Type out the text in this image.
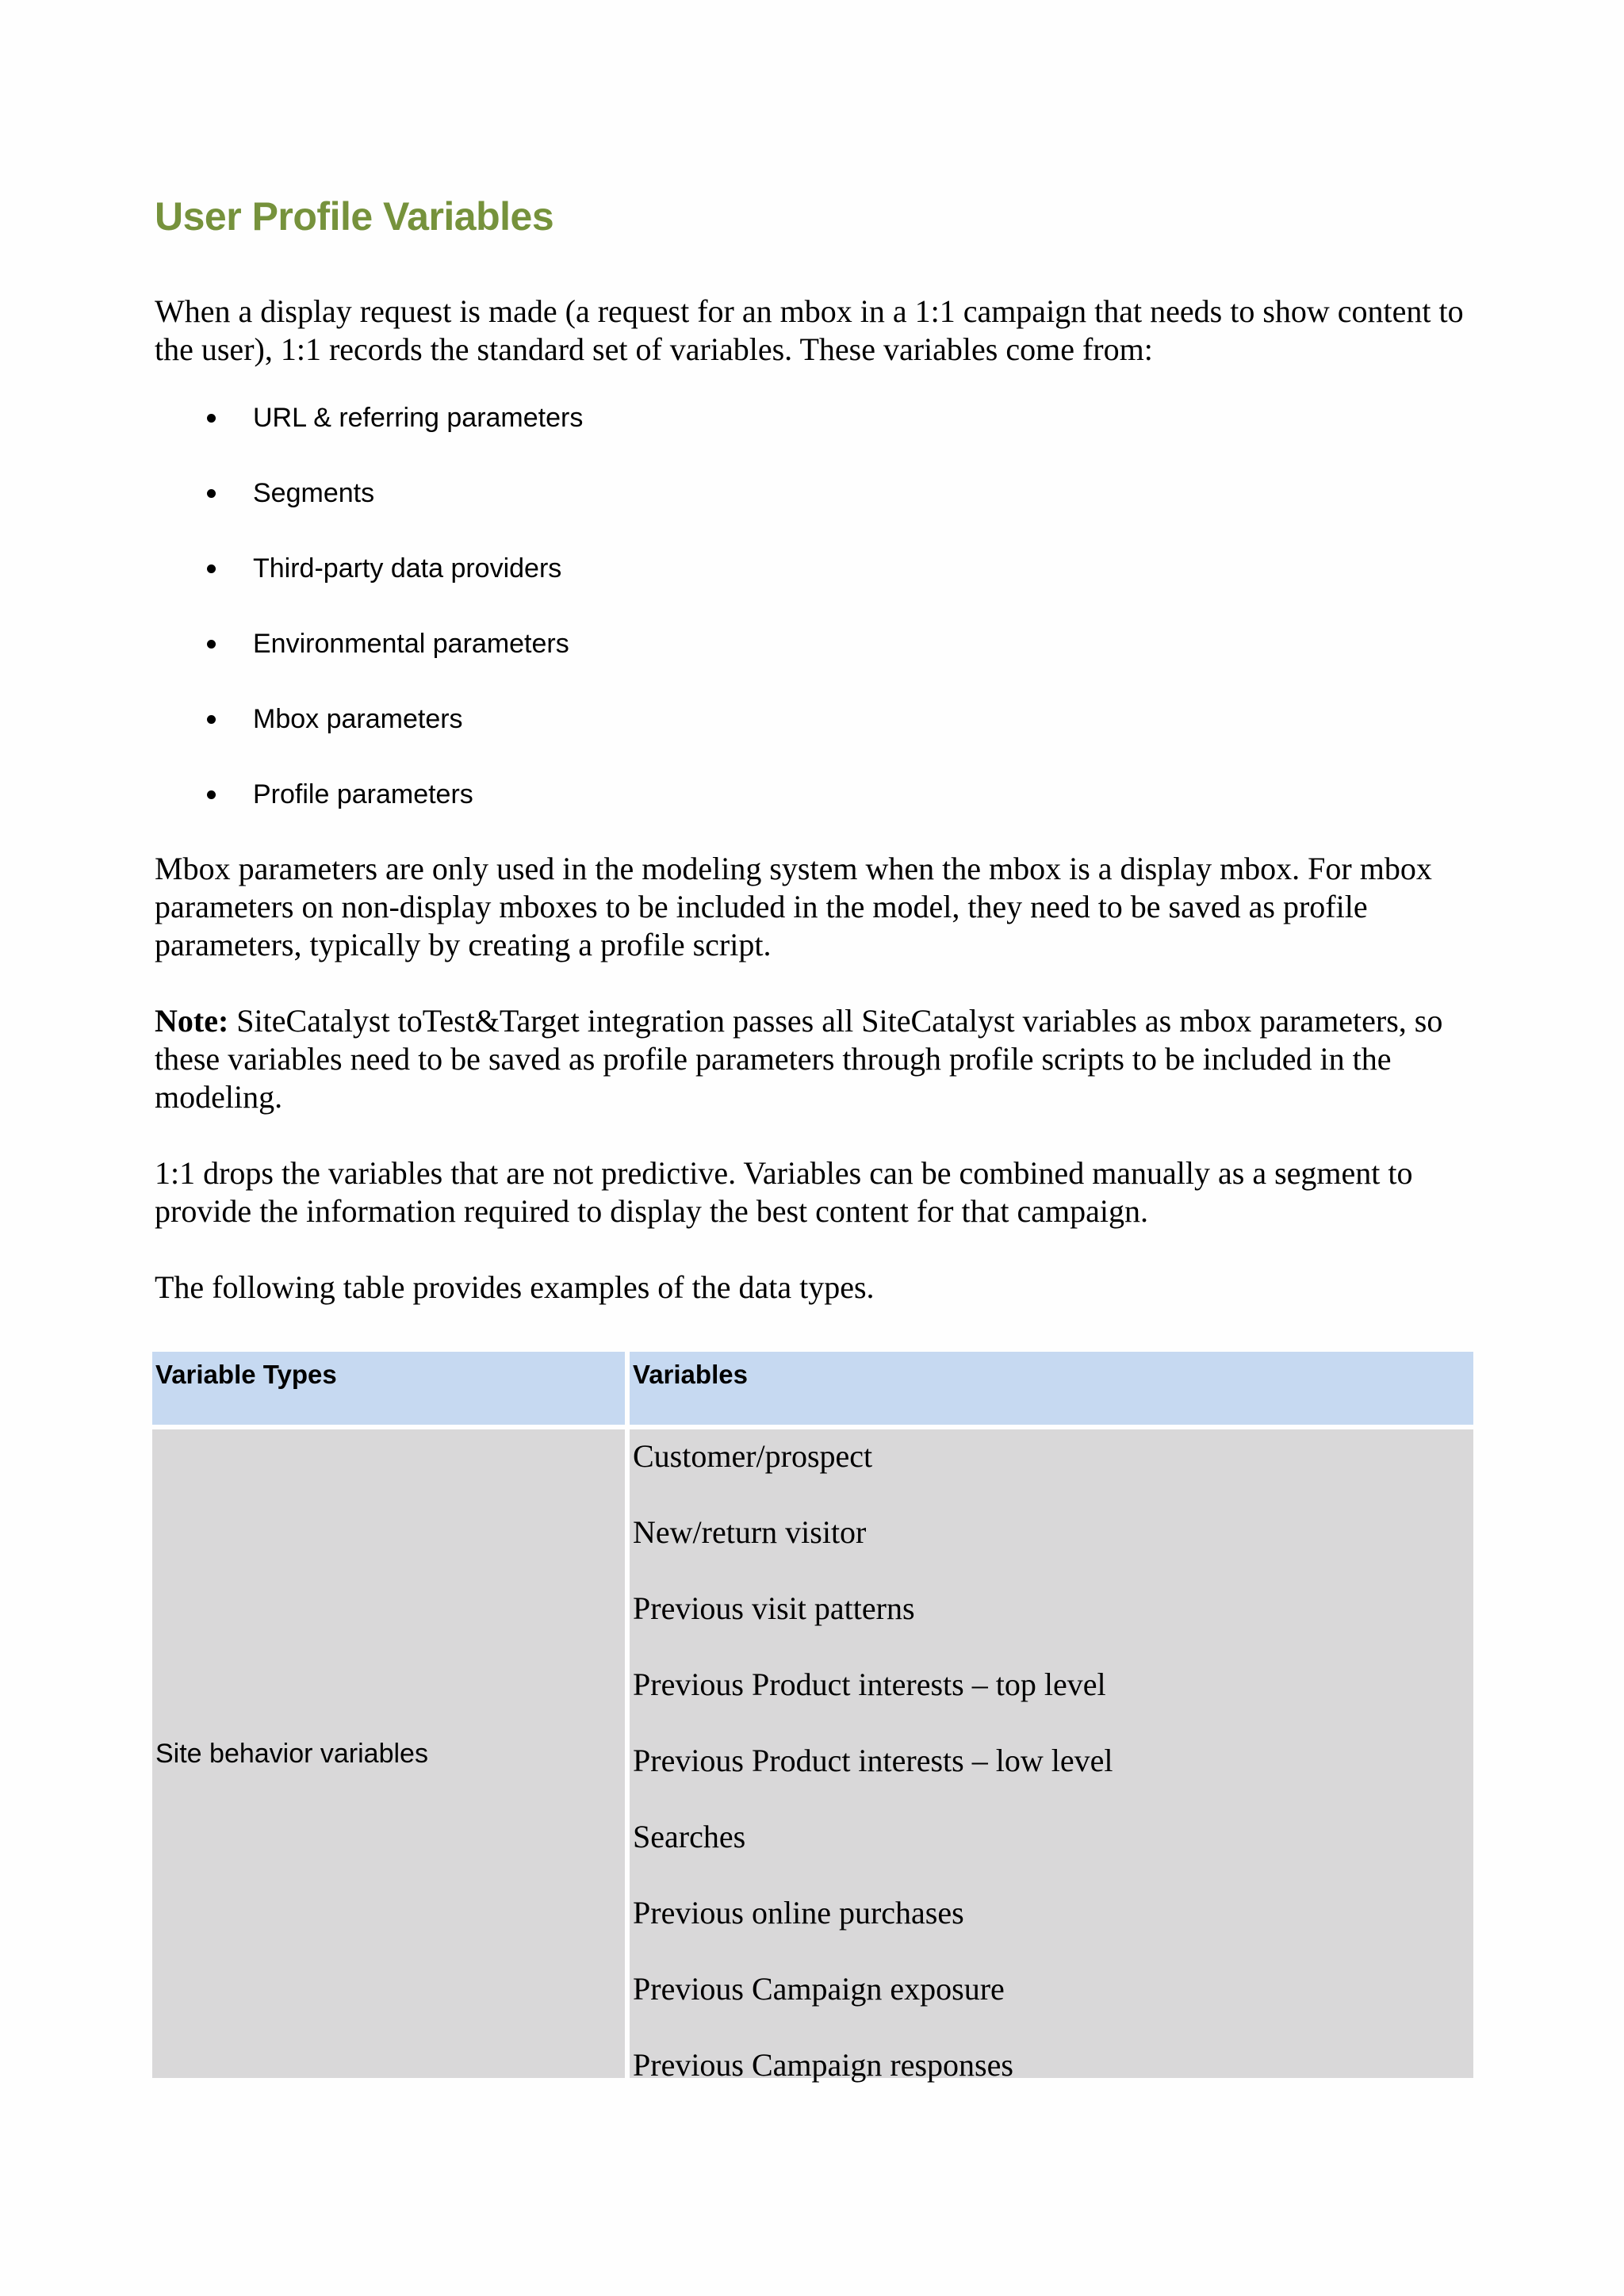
User Profile Variables

When a display request is made (a request for an mbox in a 1:1 campaign that needs to show content to the user), 1:1 records the standard set of variables. These variables come from:

URL & referring parameters
Segments
Third-party data providers
Environmental parameters
Mbox parameters
Profile parameters

Mbox parameters are only used in the modeling system when the mbox is a display mbox. For mbox parameters on non-display mboxes to be included in the model, they need to be saved as profile parameters, typically by creating a profile script.

Note: SiteCatalyst toTest&Target integration passes all SiteCatalyst variables as mbox parameters, so these variables need to be saved as profile parameters through profile scripts to be included in the modeling.

1:1 drops the variables that are not predictive. Variables can be combined manually as a segment to provide the information required to display the best content for that campaign.

The following table provides examples of the data types.

Variable Types	Variables
Site behavior variables
Customer/prospect
New/return visitor
Previous visit patterns
Previous Product interests – top level
Previous Product interests – low level
Searches
Previous online purchases
Previous Campaign exposure
Previous Campaign responses
